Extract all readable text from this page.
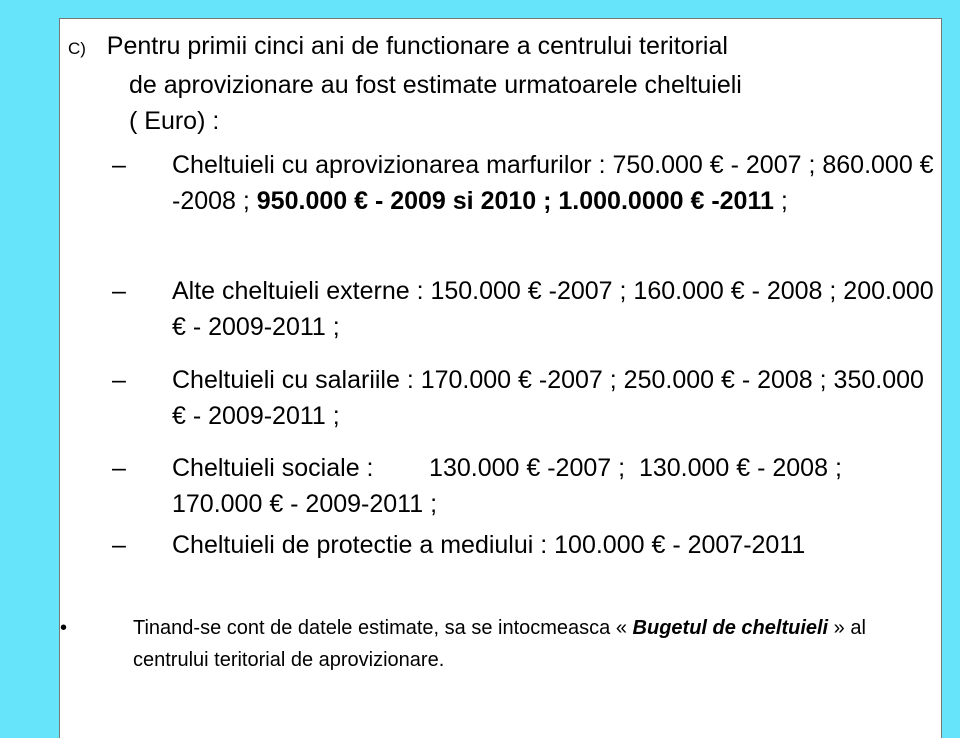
C) Pentru primii cinci ani de functionare a centrului teritorial
de aprovizionare au fost estimate urmatoarele cheltuieli
( Euro) :
– Cheltuieli cu aprovizionarea marfurilor : 750.000 € - 2007 ; 860.000 € -2008 ; 950.000 € - 2009 si 2010 ; 1.000.0000 € -2011 ;
– Alte cheltuieli externe : 150.000 € -2007 ; 160.000 € - 2008 ; 200.000 € - 2009-2011 ;
– Cheltuieli cu salariile : 170.000 € -2007 ; 250.000 € - 2008 ; 350.000 € - 2009-2011 ;
– Cheltuieli sociale :        130.000 € -2007 ;  130.000 € - 2008 ;  170.000 € - 2009-2011 ;
– Cheltuieli de protectie a mediului : 100.000 € - 2007-2011
•	Tinand-se cont de datele estimate, sa se intocmeasca « Bugetul de cheltuieli » al centrului teritorial de aprovizionare.
